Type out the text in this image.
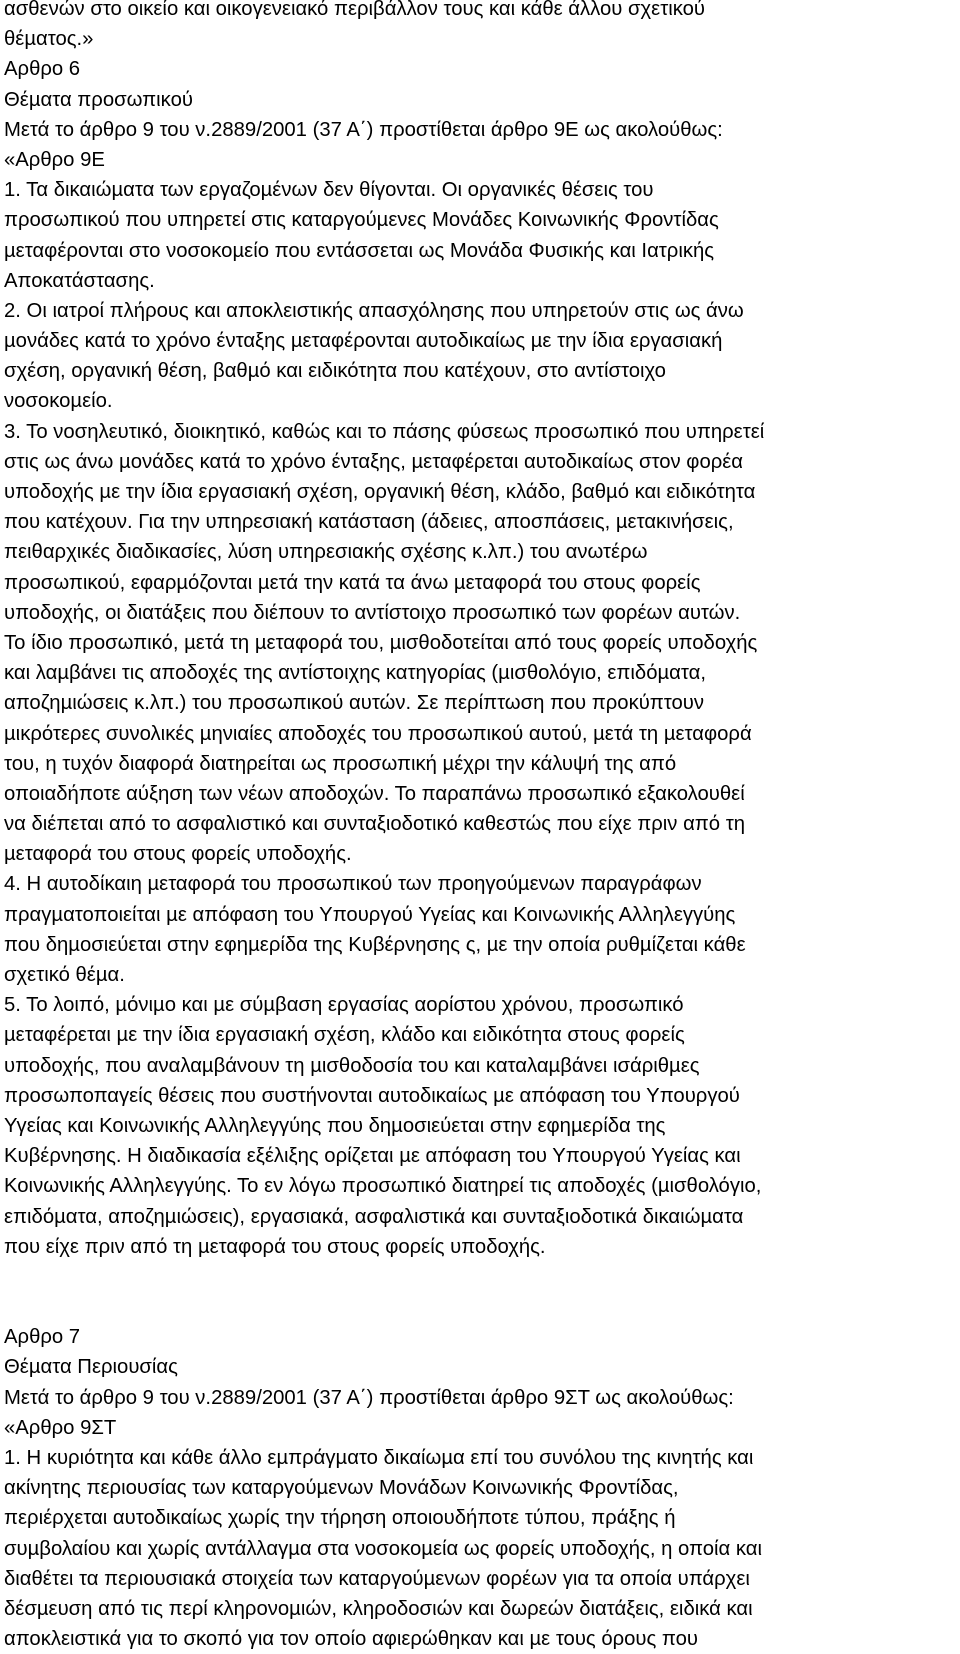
ασθενών στο οικείο και οικογενειακό περιβάλλον τους και κάθε άλλου σχετικού
θέµατος.»
Αρθρο 6
Θέµατα προσωπικού
Μετά το άρθρο 9 του ν.2889/2001 (37 Α΄) προστίθεται άρθρο 9Ε ως ακολούθως:
«Αρθρο 9Ε
1. Τα δικαιώµατα των εργαζοµένων δεν θίγονται. Οι οργανικές θέσεις του
προσωπικού που υπηρετεί στις καταργούµενες Μονάδες Κοινωνικής Φροντίδας
µεταφέρονται στο νοσοκοµείο που εντάσσεται ως Μονάδα Φυσικής και Ιατρικής
Αποκατάστασης.
2. Οι ιατροί πλήρους και αποκλειστικής απασχόλησης που υπηρετούν στις ως άνω
µονάδες κατά το χρόνο ένταξης µεταφέρονται αυτοδικαίως µε την ίδια εργασιακή
σχέση, οργανική θέση, βαθµό και ειδικότητα που κατέχουν, στο αντίστοιχο
νοσοκοµείο.
3. Το νοσηλευτικό, διοικητικό, καθώς και το πάσης φύσεως προσωπικό που υπηρετεί
στις ως άνω µονάδες κατά το χρόνο ένταξης, µεταφέρεται αυτοδικαίως στον φορέα
υποδοχής µε την ίδια εργασιακή σχέση, οργανική θέση, κλάδο, βαθµό και ειδικότητα
που κατέχουν. Για την υπηρεσιακή κατάσταση (άδειες, αποσπάσεις, µετακινήσεις,
πειθαρχικές διαδικασίες, λύση υπηρεσιακής σχέσης κ.λπ.) του ανωτέρω
προσωπικού, εφαρµόζονται µετά την κατά τα άνω µεταφορά του στους φορείς
υποδοχής, οι διατάξεις που διέπουν το αντίστοιχο προσωπικό των φορέων αυτών.
Το ίδιο προσωπικό, µετά τη µεταφορά του, µισθοδοτείται από τους φορείς υποδοχής
και λαµβάνει τις αποδοχές της αντίστοιχης κατηγορίας (µισθολόγιο, επιδόµατα,
αποζηµιώσεις κ.λπ.) του προσωπικού αυτών. Σε περίπτωση που προκύπτουν
µικρότερες συνολικές µηνιαίες αποδοχές του προσωπικού αυτού, µετά τη µεταφορά
του, η τυχόν διαφορά διατηρείται ως προσωπική µέχρι την κάλυψή της από
οποιαδήποτε αύξηση των νέων αποδοχών. Το παραπάνω προσωπικό εξακολουθεί
να διέπεται από το ασφαλιστικό και συνταξιοδοτικό καθεστώς που είχε πριν από τη
µεταφορά του στους φορείς υποδοχής.
4. Η αυτοδίκαιη µεταφορά του προσωπικού των προηγούµενων παραγράφων
πραγµατοποιείται µε απόφαση του Υπουργού Υγείας και Κοινωνικής Αλληλεγγύης
που δηµοσιεύεται στην εφηµερίδα της Κυβέρνησης ς, µε την οποία ρυθµίζεται κάθε
σχετικό θέµα.
5. Το λοιπό, µόνιµο και µε σύµβαση εργασίας αορίστου χρόνου, προσωπικό
µεταφέρεται µε την ίδια εργασιακή σχέση, κλάδο και ειδικότητα στους φορείς
υποδοχής, που αναλαµβάνουν τη µισθοδοσία του και καταλαµβάνει ισάριθµες
προσωποπαγείς θέσεις που συστήνονται αυτοδικαίως µε απόφαση του Υπουργού
Υγείας και Κοινωνικής Αλληλεγγύης που δηµοσιεύεται στην εφηµερίδα της
Κυβέρνησης. Η διαδικασία εξέλιξης ορίζεται µε απόφαση του Υπουργού Υγείας και
Κοινωνικής Αλληλεγγύης. Το εν λόγω προσωπικό διατηρεί τις αποδοχές (µισθολόγιο,
επιδόµατα, αποζηµιώσεις), εργασιακά, ασφαλιστικά και συνταξιοδοτικά δικαιώµατα
που είχε πριν από τη µεταφορά του στους φορείς υποδοχής.
Αρθρο 7
Θέµατα Περιουσίας
Μετά το άρθρο 9 του ν.2889/2001 (37 Α΄) προστίθεται άρθρο 9ΣΤ ως ακολούθως:
«Αρθρο 9ΣΤ
1. Η κυριότητα και κάθε άλλο εµπράγµατο δικαίωµα επί του συνόλου της κινητής και
ακίνητης περιουσίας των καταργούµενων Μονάδων Κοινωνικής Φροντίδας,
περιέρχεται αυτοδικαίως χωρίς την τήρηση οποιουδήποτε τύπου, πράξης ή
συµβολαίου και χωρίς αντάλλαγµα στα νοσοκοµεία ως φορείς υποδοχής, η οποία και
διαθέτει τα περιουσιακά στοιχεία των καταργούµενων φορέων για τα οποία υπάρχει
δέσµευση από τις περί κληρονοµιών, κληροδοσιών και δωρεών διατάξεις, ειδικά και
αποκλειστικά για το σκοπό για τον οποίο αφιερώθηκαν και µε τους όρους που
